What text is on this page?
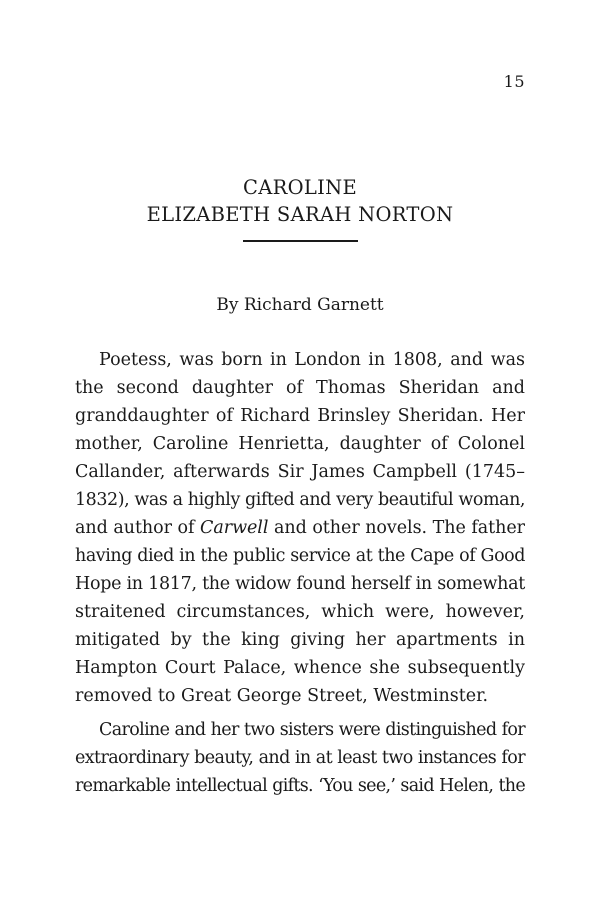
15
CAROLINE
ELIZABETH SARAH NORTON
By Richard Garnett
Poetess, was born in London in 1808, and was
the second daughter of Thomas Sheridan and
granddaughter of Richard Brinsley Sheridan. Her
mother, Caroline Henrietta, daughter of Colonel
Callander, afterwards Sir James Campbell (1745–
1832), was a highly gifted and very beautiful woman,
and author of Carwell and other novels. The father
having died in the public service at the Cape of Good
Hope in 1817, the widow found herself in somewhat
straitened circumstances, which were, however,
mitigated by the king giving her apartments in
Hampton Court Palace, whence she subsequently
removed to Great George Street, Westminster.
Caroline and her two sisters were distinguished for
extraordinary beauty, and in at least two instances for
remarkable intellectual gifts. ‘You see,’ said Helen, the
